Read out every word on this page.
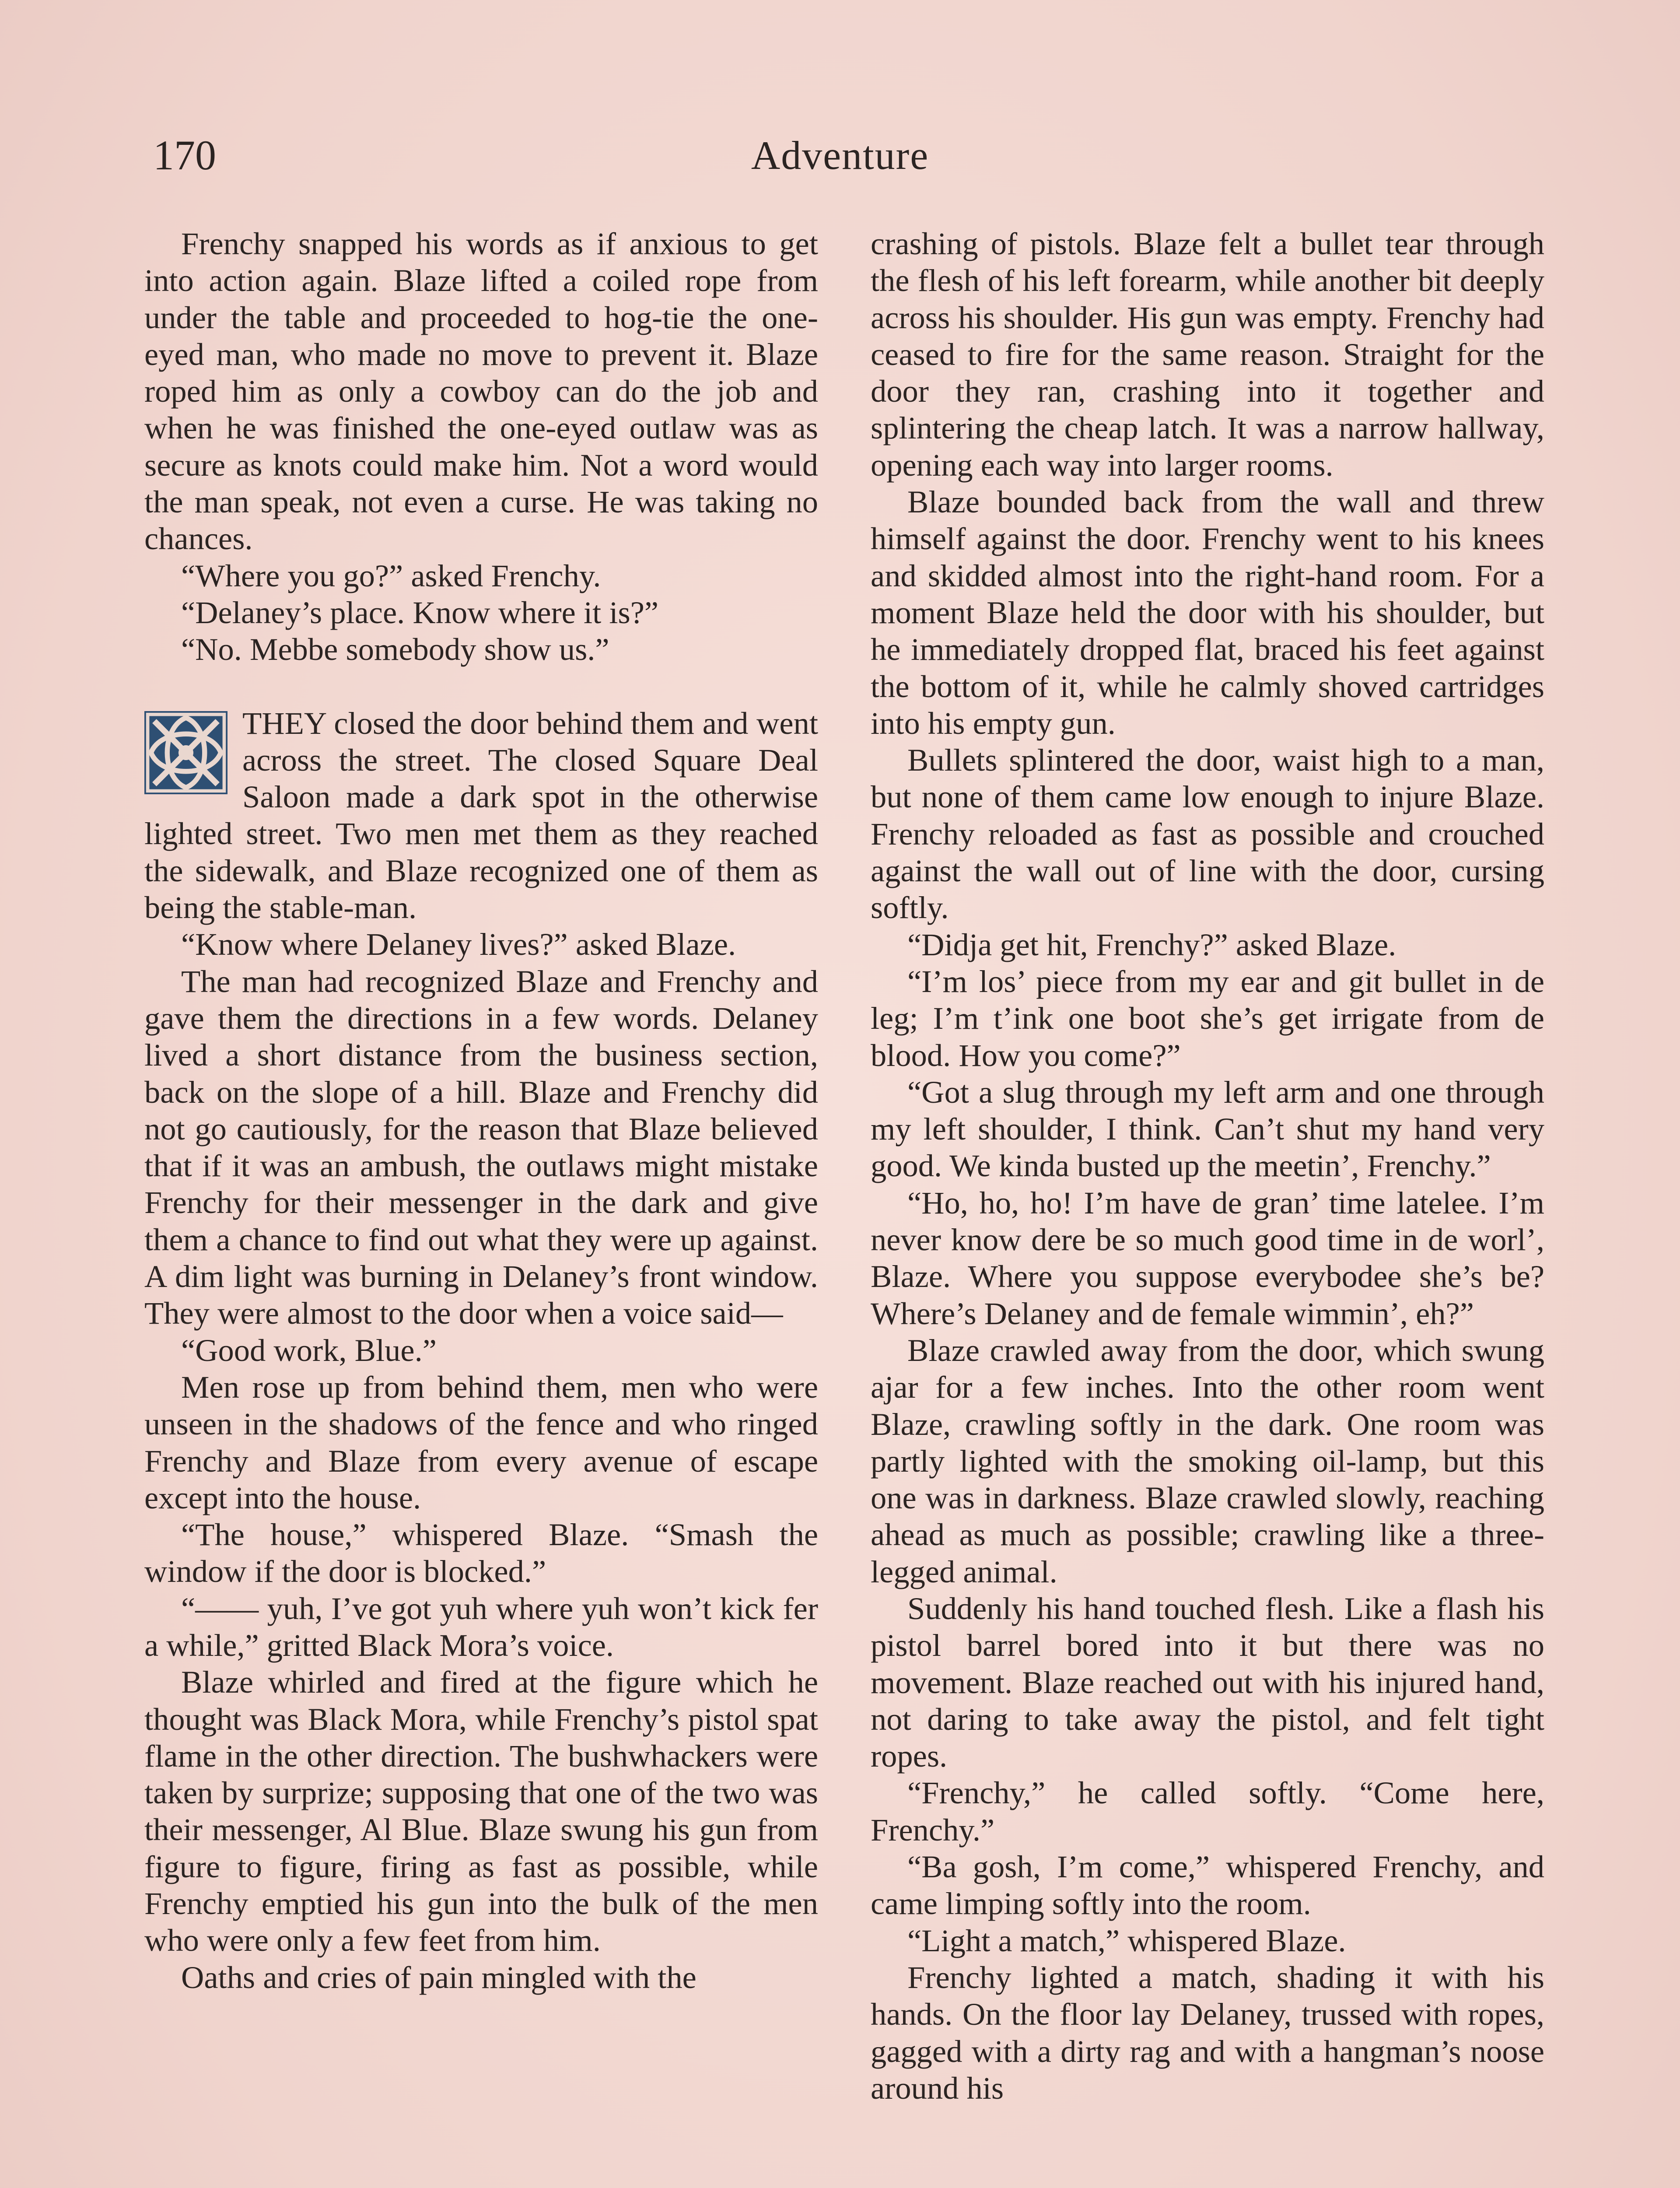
170	Adventure

Frenchy snapped his words as if anxious to get into action again. Blaze lifted a coiled rope from under the table and proceeded to hog-tie the one-eyed man, who made no move to prevent it. Blaze roped him as only a cowboy can do the job and when he was finished the one-eyed outlaw was as secure as knots could make him. Not a word would the man speak, not even a curse. He was taking no chances.

“Where you go?” asked Frenchy.

“Delaney’s place. Know where it is?”

“No. Mebbe somebody show us.”

THEY closed the door behind them and went across the street. The closed Square Deal Saloon made a dark spot in the otherwise lighted street. Two men met them as they reached the sidewalk, and Blaze recognized one of them as being the stable-man.

“Know where Delaney lives?” asked Blaze.

The man had recognized Blaze and Frenchy and gave them the directions in a few words. Delaney lived a short distance from the business section, back on the slope of a hill. Blaze and Frenchy did not go cautiously, for the reason that Blaze believed that if it was an ambush, the outlaws might mistake Frenchy for their messenger in the dark and give them a chance to find out what they were up against. A dim light was burning in Delaney’s front window. They were almost to the door when a voice said—

“Good work, Blue.”

Men rose up from behind them, men who were unseen in the shadows of the fence and who ringed Frenchy and Blaze from every avenue of escape except into the house.

“The house,” whispered Blaze. “Smash the window if the door is blocked.”

“—— yuh, I’ve got yuh where yuh won’t kick fer a while,” gritted Black Mora’s voice.

Blaze whirled and fired at the figure which he thought was Black Mora, while Frenchy’s pistol spat flame in the other direction. The bushwhackers were taken by surprize; supposing that one of the two was their messenger, Al Blue. Blaze swung his gun from figure to figure, firing as fast as possible, while Frenchy emptied his gun into the bulk of the men who were only a few feet from him.

Oaths and cries of pain mingled with the

crashing of pistols. Blaze felt a bullet tear through the flesh of his left forearm, while another bit deeply across his shoulder. His gun was empty. Frenchy had ceased to fire for the same reason. Straight for the door they ran, crashing into it together and splintering the cheap latch. It was a narrow hallway, opening each way into larger rooms.

Blaze bounded back from the wall and threw himself against the door. Frenchy went to his knees and skidded almost into the right-hand room. For a moment Blaze held the door with his shoulder, but he immediately dropped flat, braced his feet against the bottom of it, while he calmly shoved cartridges into his empty gun.

Bullets splintered the door, waist high to a man, but none of them came low enough to injure Blaze. Frenchy reloaded as fast as possible and crouched against the wall out of line with the door, cursing softly.

“Didja get hit, Frenchy?” asked Blaze.

“I’m los’ piece from my ear and git bullet in de leg; I’m t’ink one boot she’s get irrigate from de blood. How you come?”

“Got a slug through my left arm and one through my left shoulder, I think. Can’t shut my hand very good. We kinda busted up the meetin’, Frenchy.”

“Ho, ho, ho! I’m have de gran’ time latelee. I’m never know dere be so much good time in de worl’, Blaze. Where you suppose everybodee she’s be? Where’s Delaney and de female wimmin’, eh?”

Blaze crawled away from the door, which swung ajar for a few inches. Into the other room went Blaze, crawling softly in the dark. One room was partly lighted with the smoking oil-lamp, but this one was in darkness. Blaze crawled slowly, reaching ahead as much as possible; crawling like a three-legged animal.

Suddenly his hand touched flesh. Like a flash his pistol barrel bored into it but there was no movement. Blaze reached out with his injured hand, not daring to take away the pistol, and felt tight ropes.

“Frenchy,” he called softly. “Come here, Frenchy.”

“Ba gosh, I’m come,” whispered Frenchy, and came limping softly into the room.

“Light a match,” whispered Blaze.

Frenchy lighted a match, shading it with his hands. On the floor lay Delaney, trussed with ropes, gagged with a dirty rag and with a hangman’s noose around his
